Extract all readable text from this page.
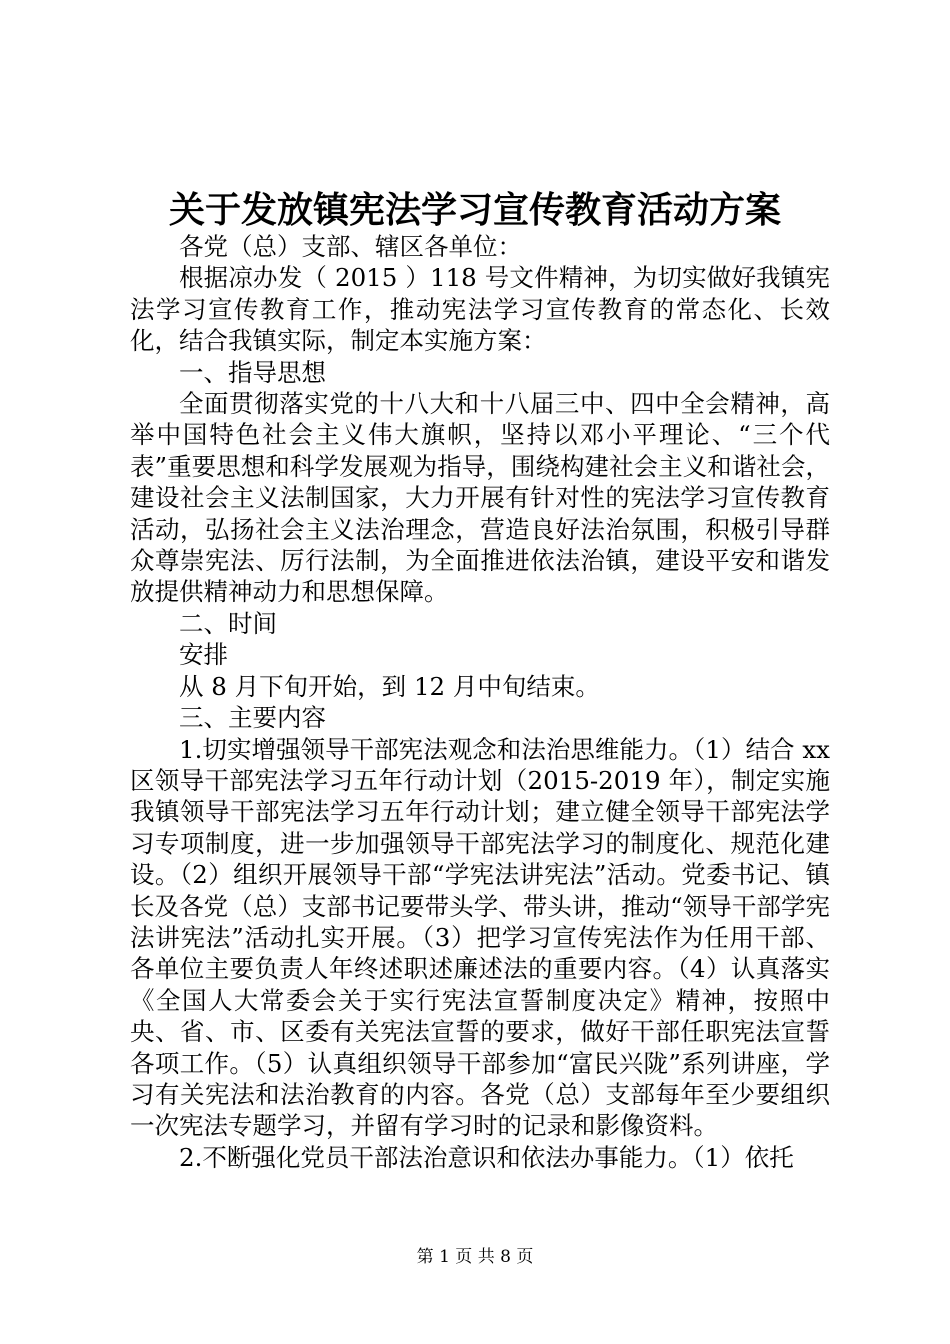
关于发放镇宪法学习宣传教育活动方案

各党（总）支部、辖区各单位：

根据凉办发（ 2015 ）118 号文件精神，为切实做好我镇宪法学习宣传教育工作，推动宪法学习宣传教育的常态化、长效化，结合我镇实际，制定本实施方案：

一、指导思想

全面贯彻落实党的十八大和十八届三中、四中全会精神，高举中国特色社会主义伟大旗帜，坚持以邓小平理论、“三个代表”重要思想和科学发展观为指导，围绕构建社会主义和谐社会，建设社会主义法制国家，大力开展有针对性的宪法学习宣传教育活动，弘扬社会主义法治理念，营造良好法治氛围，积极引导群众尊崇宪法、厉行法制，为全面推进依法治镇，建设平安和谐发放提供精神动力和思想保障。

二、时间

安排

从 8 月下旬开始，到 12 月中旬结束。

三、主要内容

1.切实增强领导干部宪法观念和法治思维能力。（1）结合 xx 区领导干部宪法学习五年行动计划（2015-2019 年），制定实施我镇领导干部宪法学习五年行动计划；建立健全领导干部宪法学习专项制度，进一步加强领导干部宪法学习的制度化、规范化建设。（2）组织开展领导干部“学宪法讲宪法”活动。党委书记、镇长及各党（总）支部书记要带头学、带头讲，推动“领导干部学宪法讲宪法”活动扎实开展。（3）把学习宣传宪法作为任用干部、各单位主要负责人年终述职述廉述法的重要内容。（4）认真落实《全国人大常委会关于实行宪法宣誓制度决定》精神，按照中央、省、市、区委有关宪法宣誓的要求，做好干部任职宪法宣誓各项工作。（5）认真组织领导干部参加“富民兴陇”系列讲座，学习有关宪法和法治教育的内容。各党（总）支部每年至少要组织一次宪法专题学习，并留有学习时的记录和影像资料。

2.不断强化党员干部法治意识和依法办事能力。（1）依托

第 1 页 共 8 页
